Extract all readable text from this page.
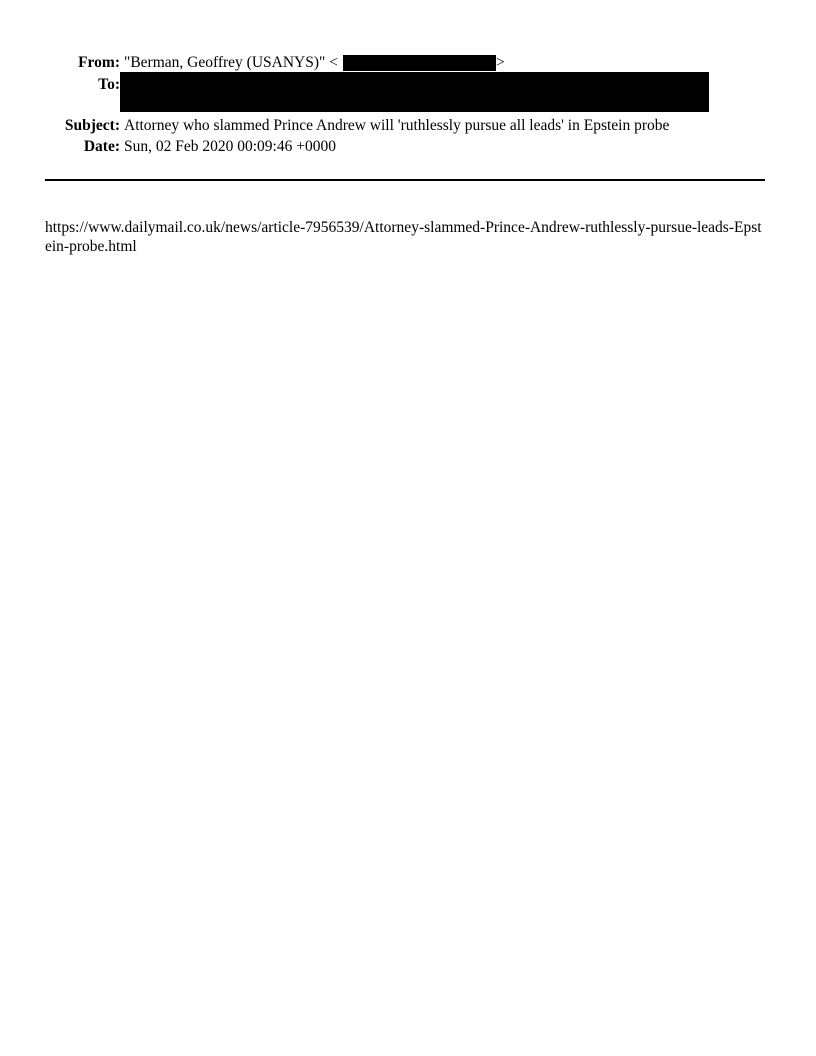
From: "Berman, Geoffrey (USANYS)" <	>
To:
Subject: Attorney who slammed Prince Andrew will 'ruthlessly pursue all leads' in Epstein probe
Date: Sun, 02 Feb 2020 00:09:46 +0000
https://www.dailymail.co.uk/news/article-7956539/Attorney-slammed-Prince-Andrew-ruthlessly-pursue-leads-Epstein-probe.html
